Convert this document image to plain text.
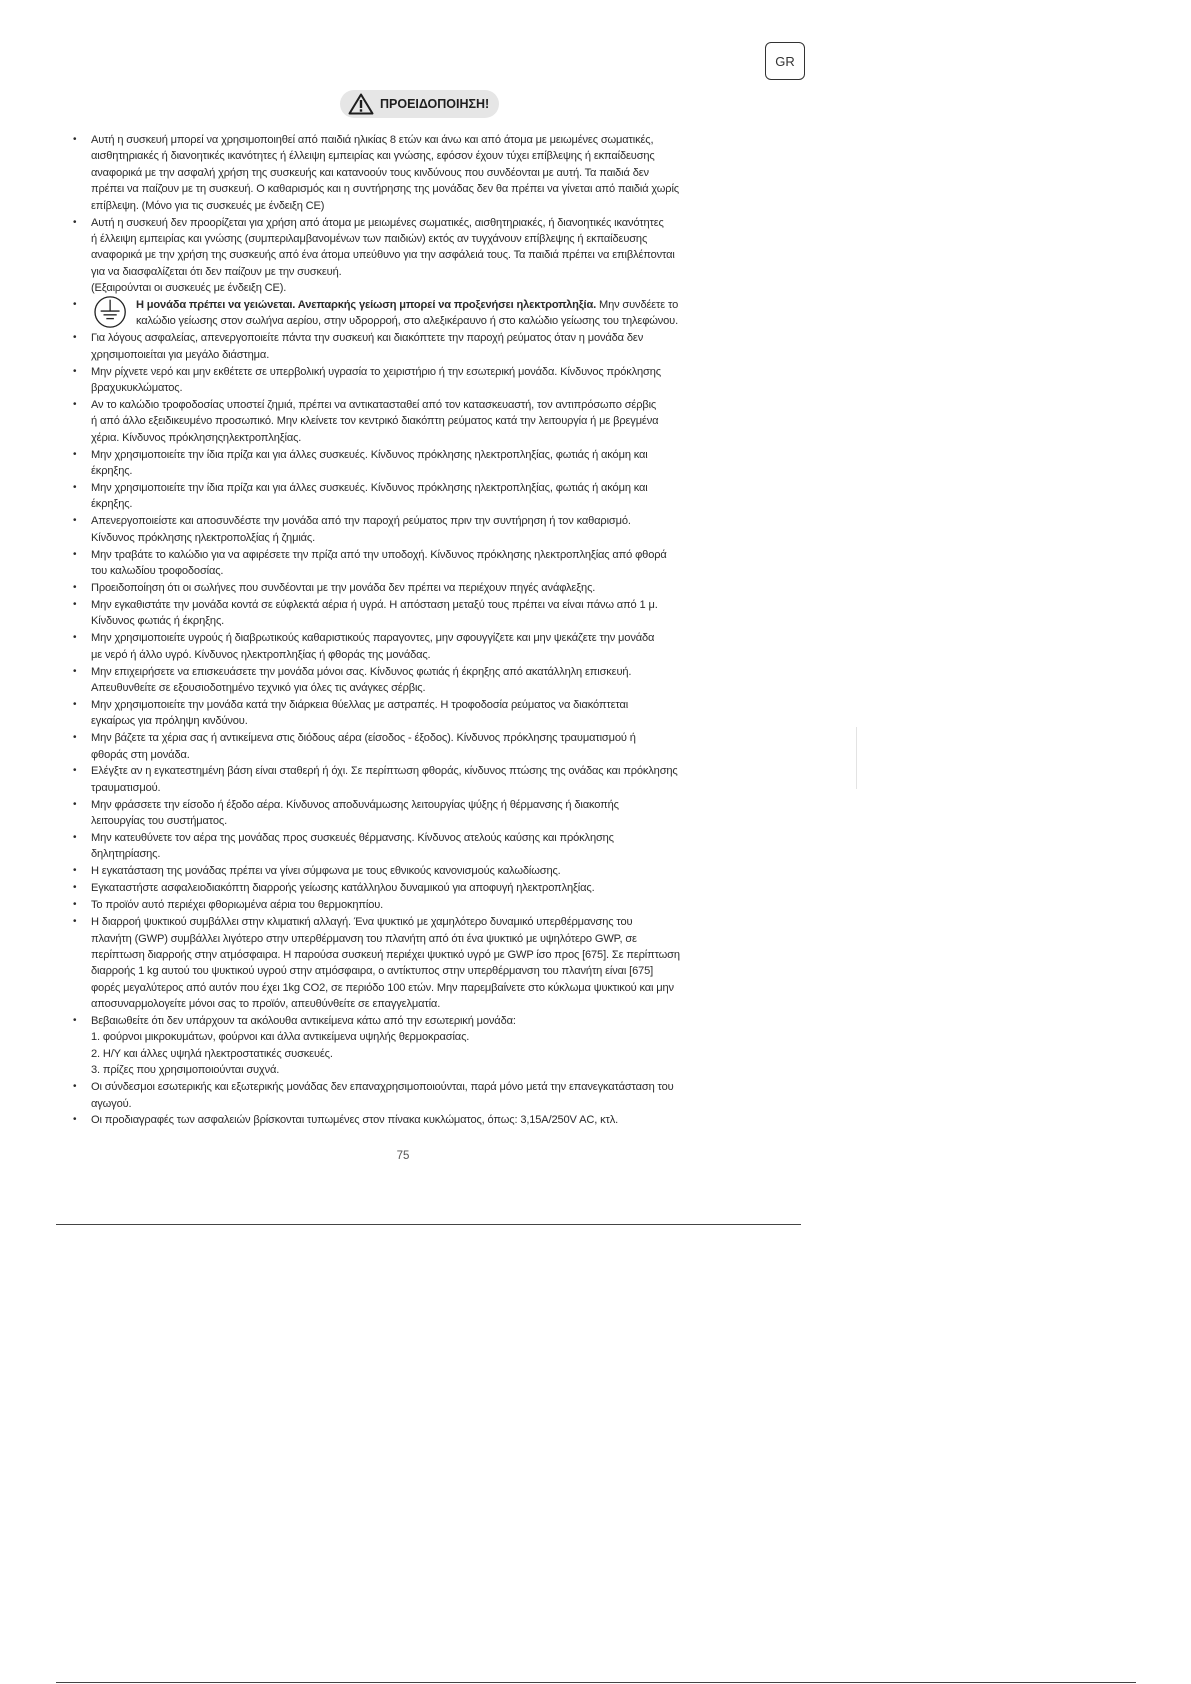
GR
ΠΡΟΕΙΔΟΠΟΙΗΣΗ!
• Αυτή η συσκευή μπορεί να χρησιμοποιηθεί από παιδιά ηλικίας 8 ετών και άνω και από άτομα με μειωμένες σωματικές,
αισθητηριακές ή διανοητικές ικανότητες ή έλλειψη εμπειρίας και γνώσης, εφόσον έχουν τύχει επίβλεψης ή εκπαίδευσης
αναφορικά με την ασφαλή χρήση της συσκευής και κατανοούν τους κινδύνους που συνδέονται με αυτή. Τα παιδιά δεν
πρέπει να παίζουν με τη συσκευή. Ο καθαρισμός και η συντήρησης της μονάδας δεν θα πρέπει να γίνεται από παιδιά χωρίς
επίβλεψη. (Μόνο για τις συσκευές με ένδειξη CE)
• Αυτή η συσκευή δεν προορίζεται για χρήση από άτομα με μειωμένες σωματικές, αισθητηριακές, ή διανοητικές ικανότητες
ή έλλειψη εμπειρίας και γνώσης (συμπεριλαμβανομένων των παιδιών) εκτός αν τυγχάνουν επίβλεψης ή εκπαίδευσης
αναφορικά με την χρήση της συσκευής από ένα άτομα υπεύθυνο για την ασφάλειά τους. Τα παιδιά πρέπει να επιβλέπονται
για να διασφαλίζεται ότι δεν παίζουν με την συσκευή.
(Εξαιρούνται οι συσκευές με ένδειξη CE).
• Η μονάδα πρέπει να γειώνεται. Ανεπαρκής γείωση μπορεί να προξενήσει ηλεκτροπληξία. Μην συνδέετε το
καλώδιο γείωσης στον σωλήνα αερίου, στην υδρορροή, στο αλεξικέραυνο ή στο καλώδιο γείωσης του τηλεφώνου.
• Για λόγους ασφαλείας, απενεργοποιείτε πάντα την συσκευή και διακόπτετε την παροχή ρεύματος όταν η μονάδα δεν
χρησιμοποιείται για μεγάλο διάστημα.
• Μην ρίχνετε νερό και μην εκθέτετε σε υπερβολική υγρασία το χειριστήριο ή την εσωτερική μονάδα. Κίνδυνος πρόκλησης
βραχυκυκλώματος.
• Αν το καλώδιο τροφοδοσίας υποστεί ζημιά, πρέπει να αντικατασταθεί από τον κατασκευαστή, τον αντιπρόσωπο σέρβις
ή από άλλο εξειδικευμένο προσωπικό. Μην κλείνετε τον κεντρικό διακόπτη ρεύματος κατά την λειτουργία ή με βρεγμένα
χέρια. Κίνδυνος πρόκλησηςηλεκτροπληξίας.
• Μην χρησιμοποιείτε την ίδια πρίζα και για άλλες συσκευές. Κίνδυνος πρόκλησης ηλεκτροπληξίας, φωτιάς ή ακόμη και
έκρηξης.
• Μην χρησιμοποιείτε την ίδια πρίζα και για άλλες συσκευές. Κίνδυνος πρόκλησης ηλεκτροπληξίας, φωτιάς ή ακόμη και
έκρηξης.
• Απενεργοποιείστε και αποσυνδέστε την μονάδα από την παροχή ρεύματος πριν την συντήρηση ή τον καθαρισμό.
Κίνδυνος πρόκλησης ηλεκτροπολξίας ή ζημιάς.
• Μην τραβάτε το καλώδιο για να αφιρέσετε την πρίζα από την υποδοχή. Κίνδυνος πρόκλησης ηλεκτροπληξίας από φθορά
του καλωδίου τροφοδοσίας.
• Προειδοποίηση ότι οι σωλήνες που συνδέονται με την μονάδα δεν πρέπει να περιέχουν πηγές ανάφλεξης.
• Μην εγκαθιστάτε την μονάδα κοντά σε εύφλεκτά αέρια ή υγρά. Η απόσταση μεταξύ τους πρέπει να είναι πάνω από 1 μ.
Κίνδυνος φωτιάς ή έκρηξης.
• Μην χρησιμοποιείτε υγρούς ή διαβρωτικούς καθαριστικούς παραγοντες, μην σφουγγίζετε και μην ψεκάζετε την μονάδα
με νερό ή άλλο υγρό. Κίνδυνος ηλεκτροπληξίας ή φθοράς της μονάδας.
• Μην επιχειρήσετε να επισκευάσετε την μονάδα μόνοι σας. Κίνδυνος φωτιάς ή έκρηξης από ακατάλληλη επισκευή.
Απευθυνθείτε σε εξουσιοδοτημένο τεχνικό για όλες τις ανάγκες σέρβις.
• Μην χρησιμοποιείτε την μονάδα κατά την διάρκεια θύελλας με αστραπές. Η τροφοδοσία ρεύματος να διακόπτεται
εγκαίρως για πρόληψη κινδύνου.
• Μην βάζετε τα χέρια σας ή αντικείμενα στις διόδους αέρα (είσοδος - έξοδος). Κίνδυνος πρόκλησης τραυματισμού ή
φθοράς στη μονάδα.
• Ελέγξτε αν η εγκατεστημένη βάση είναι σταθερή ή όχι. Σε περίπτωση φθοράς, κίνδυνος πτώσης της ονάδας και πρόκλησης
τραυματισμού.
• Μην φράσσετε την είσοδο ή έξοδο αέρα. Κίνδυνος αποδυνάμωσης λειτουργίας ψύξης ή θέρμανσης ή διακοπής
λειτουργίας του συστήματος.
• Μην κατευθύνετε τον αέρα της μονάδας προς συσκευές θέρμανσης. Κίνδυνος ατελούς καύσης και πρόκλησης
δηλητηρίασης.
• Η εγκατάσταση της μονάδας πρέπει να γίνει σύμφωνα με τους εθνικούς κανονισμούς καλωδίωσης.
• Εγκαταστήστε ασφαλειοδιακόπτη διαρροής γείωσης κατάλληλου δυναμικού για αποφυγή ηλεκτροπληξίας.
• Το προϊόν αυτό περιέχει φθοριωμένα αέρια του θερμοκηπίου.
• Η διαρροή ψυκτικού συμβάλλει στην κλιματική αλλαγή. Ένα ψυκτικό με χαμηλότερο δυναμικό υπερθέρμανσης του
πλανήτη (GWP) συμβάλλει λιγότερο στην υπερθέρμανση του πλανήτη από ότι ένα ψυκτικό με υψηλότερο GWP, σε
περίπτωση διαρροής στην ατμόσφαιρα. Η παρούσα συσκευή περιέχει ψυκτικό υγρό με GWP ίσο προς [675]. Σε περίπτωση
διαρροής 1 kg αυτού του ψυκτικού υγρού στην ατμόσφαιρα, ο αντίκτυπος στην υπερθέρμανση του πλανήτη είναι [675]
φορές μεγαλύτερος από αυτόν που έχει 1kg CO2, σε περιόδο 100 ετών. Μην παρεμβαίνετε στο κύκλωμα ψυκτικού και μην
αποσυναρμολογείτε μόνοι σας το προϊόν, απευθύνθείτε σε επαγγελματία.
• Βεβαιωθείτε ότι δεν υπάρχουν τα ακόλουθα αντικείμενα κάτω από την εσωτερική μονάδα:
1. φούρνοι μικροκυμάτων, φούρνοι και άλλα αντικείμενα υψηλής θερμοκρασίας.
2. Η/Υ και άλλες υψηλά ηλεκτροστατικές συσκευές.
3. πρίζες που χρησιμοποιούνται συχνά.
• Οι σύνδεσμοι εσωτερικής και εξωτερικής μονάδας δεν επαναχρησιμοποιούνται, παρά μόνο μετά την επανεγκατάσταση του
αγωγού.
• Οι προδιαγραφές των ασφαλειών βρίσκονται τυπωμένες στον πίνακα κυκλώματος, όπως: 3,15A/250V AC, κτλ.
75
